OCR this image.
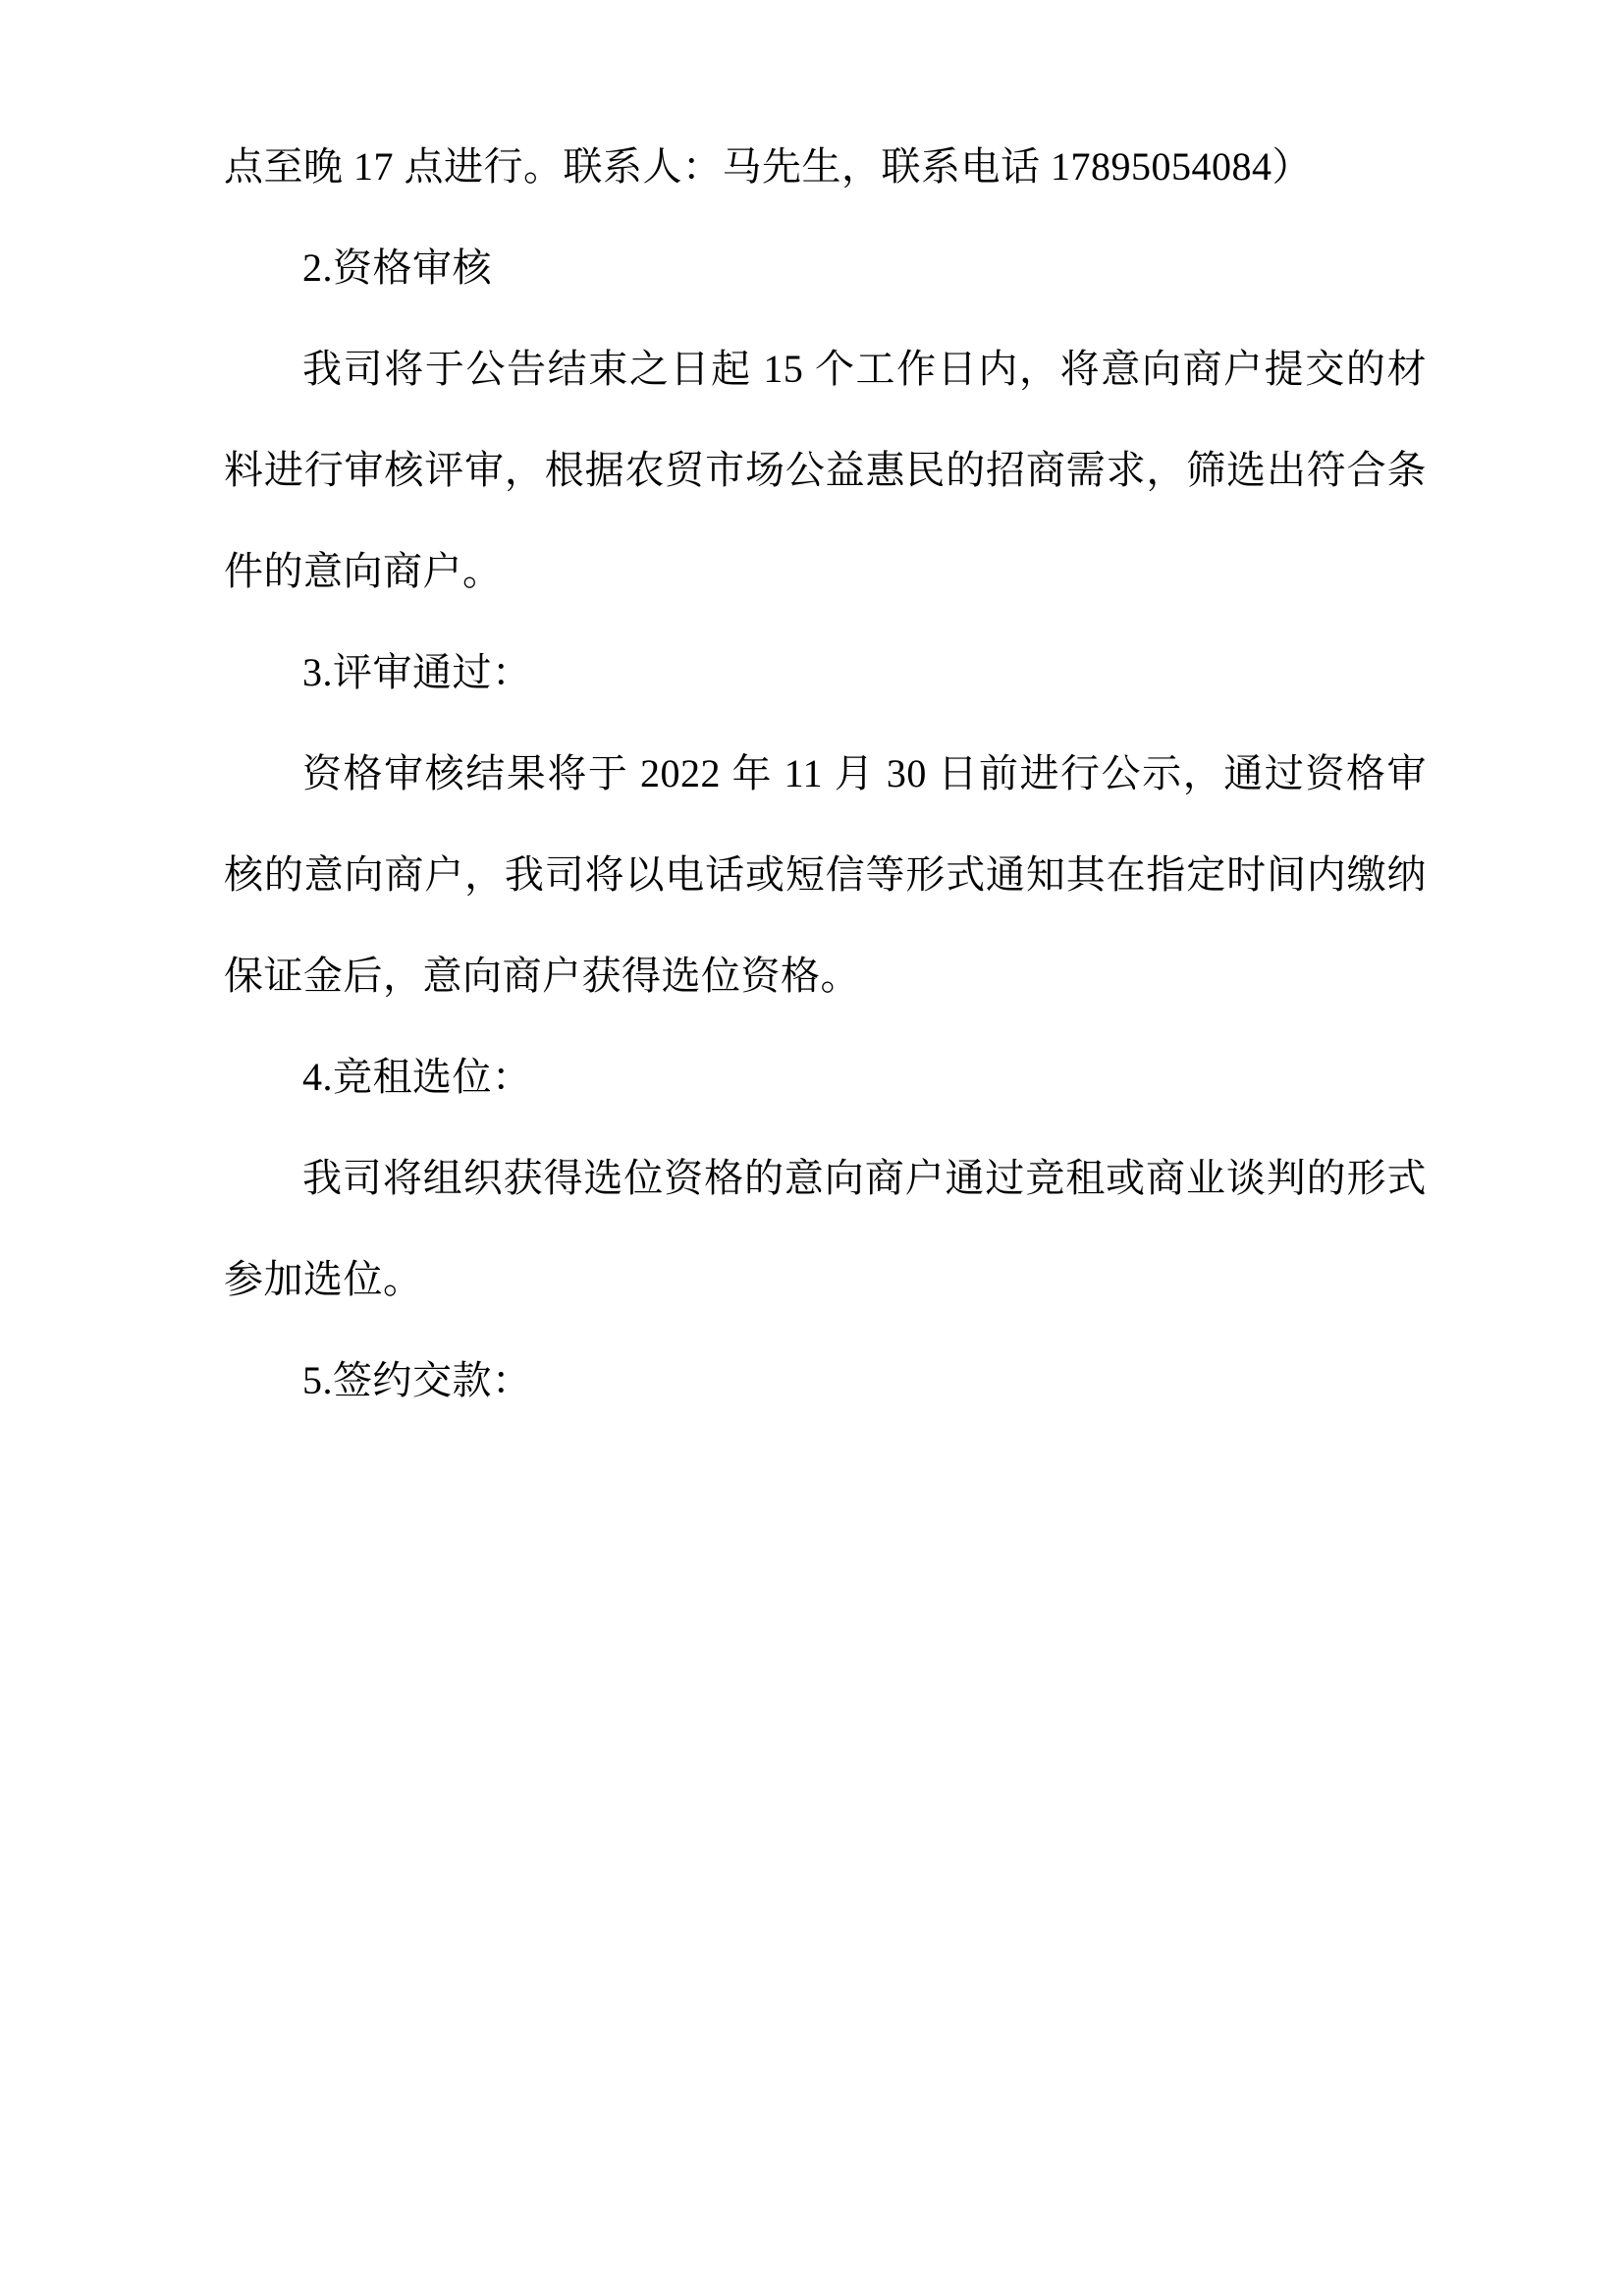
点至晚 17 点进行。联系人：马先生，联系电话 17895054084）

2.资格审核

我司将于公告结束之日起 15 个工作日内，将意向商户提交的材料进行审核评审，根据农贸市场公益惠民的招商需求，筛选出符合条件的意向商户。

3.评审通过：

资格审核结果将于 2022 年 11 月 30 日前进行公示，通过资格审核的意向商户，我司将以电话或短信等形式通知其在指定时间内缴纳保证金后，意向商户获得选位资格。

4.竞租选位：

我司将组织获得选位资格的意向商户通过竞租或商业谈判的形式参加选位。

5.签约交款：
